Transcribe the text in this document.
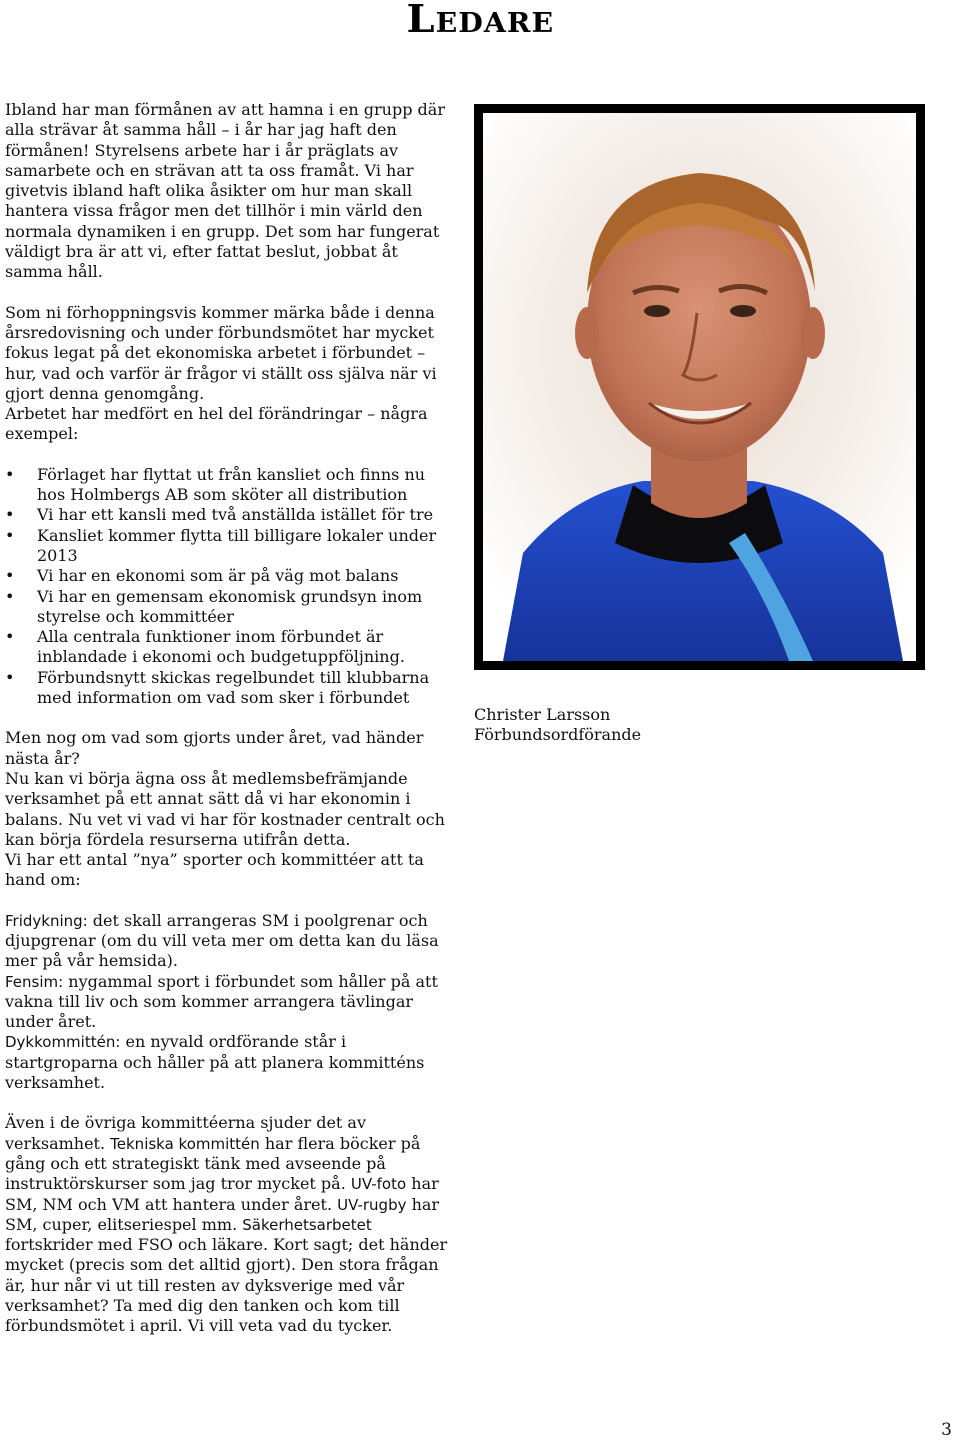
Ledare

Ibland har man förmånen av att hamna i en grupp där alla strävar åt samma håll – i år har jag haft den förmånen! Styrelsens arbete har i år präglats av samarbete och en strävan att ta oss framåt. Vi har givetvis ibland haft olika åsikter om hur man skall hantera vissa frågor men det tillhör i min värld den normala dynamiken i en grupp. Det som har fungerat väldigt bra är att vi, efter fattat beslut, jobbat åt samma håll.

Som ni förhoppningsvis kommer märka både i denna årsredovisning och under förbundsmötet har mycket fokus legat på det ekonomiska arbetet i förbundet – hur, vad och varför är frågor vi ställt oss själva när vi gjort denna genomgång.

Arbetet har medfört en hel del förändringar – några exempel:

• Förlaget har flyttat ut från kansliet och finns nu hos Holmbergs AB som sköter all distribution
• Vi har ett kansli med två anställda istället för tre
• Kansliet kommer flytta till billigare lokaler under 2013
• Vi har en ekonomi som är på väg mot balans
• Vi har en gemensam ekonomisk grundsyn inom styrelse och kommittéer
• Alla centrala funktioner inom förbundet är inblandade i ekonomi och budgetuppföljning.
• Förbundsnytt skickas regelbundet till klubbarna med information om vad som sker i förbundet

Men nog om vad som gjorts under året, vad händer nästa år?

Nu kan vi börja ägna oss åt medlemsbefrämjande verksamhet på ett annat sätt då vi har ekonomin i balans. Nu vet vi vad vi har för kostnader centralt och kan börja fördela resurserna utifrån detta.

Vi har ett antal ”nya” sporter och kommittéer att ta hand om:

Fridykning: det skall arrangeras SM i poolgrenar och djupgrenar (om du vill veta mer om detta kan du läsa mer på vår hemsida).

Fensim: nygammal sport i förbundet som håller på att vakna till liv och som kommer arrangera tävlingar under året.

Dykkommittén: en nyvald ordförande står i startgroparna och håller på att planera kommitténs verksamhet.

Även i de övriga kommittéerna sjuder det av verksamhet. Tekniska kommittén har flera böcker på gång och ett strategiskt tänk med avseende på instruktörskurser som jag tror mycket på. UV-foto har SM, NM och VM att hantera under året. UV-rugby har SM, cuper, elitseriespel mm. Säkerhetsarbetet fortskrider med FSO och läkare. Kort sagt; det händer mycket (precis som det alltid gjort). Den stora frågan är, hur når vi ut till resten av dyksverige med vår verksamhet? Ta med dig den tanken och kom till förbundsmötet i april. Vi vill veta vad du tycker.

Christer Larsson
Förbundsordförande
3
